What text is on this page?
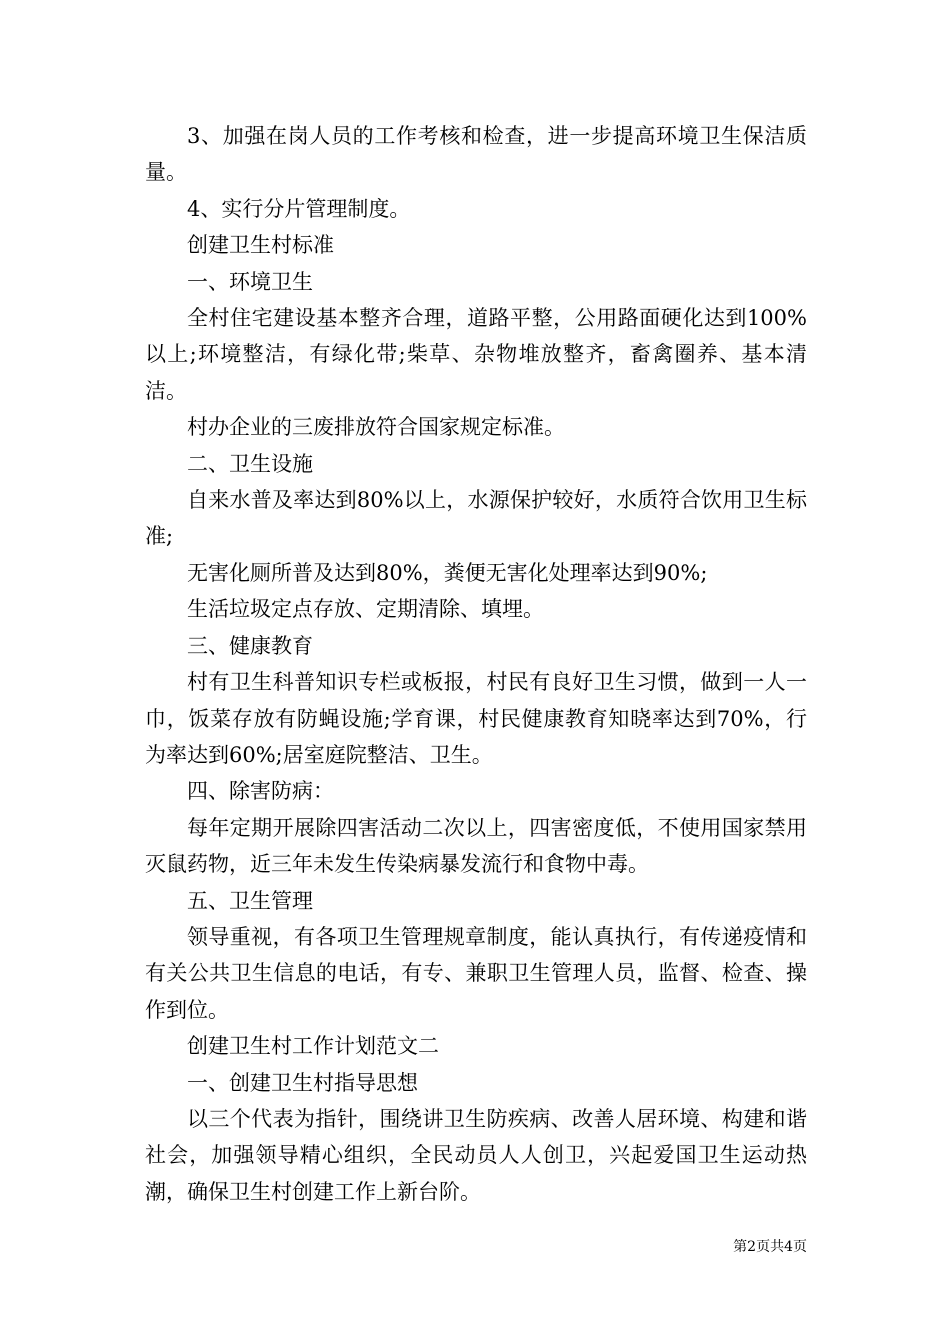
3、加强在岗人员的工作考核和检查，进一步提高环境卫生保洁质量。

4、实行分片管理制度。

创建卫生村标准

一、环境卫生

全村住宅建设基本整齐合理，道路平整，公用路面硬化达到100%以上;环境整洁，有绿化带;柴草、杂物堆放整齐，畜禽圈养、基本清洁。

村办企业的三废排放符合国家规定标准。

二、卫生设施

自来水普及率达到80%以上，水源保护较好，水质符合饮用卫生标准;

无害化厕所普及达到80%，粪便无害化处理率达到90%;

生活垃圾定点存放、定期清除、填埋。

三、健康教育

村有卫生科普知识专栏或板报，村民有良好卫生习惯，做到一人一巾，饭菜存放有防蝇设施;学育课，村民健康教育知晓率达到70%，行为率达到60%;居室庭院整洁、卫生。

四、除害防病：

每年定期开展除四害活动二次以上，四害密度低，不使用国家禁用灭鼠药物，近三年未发生传染病暴发流行和食物中毒。

五、卫生管理

领导重视，有各项卫生管理规章制度，能认真执行，有传递疫情和有关公共卫生信息的电话，有专、兼职卫生管理人员，监督、检查、操作到位。

创建卫生村工作计划范文二

一、创建卫生村指导思想

以三个代表为指针，围绕讲卫生防疾病、改善人居环境、构建和谐社会，加强领导精心组织，全民动员人人创卫，兴起爱国卫生运动热潮，确保卫生村创建工作上新台阶。

第2页共4页
